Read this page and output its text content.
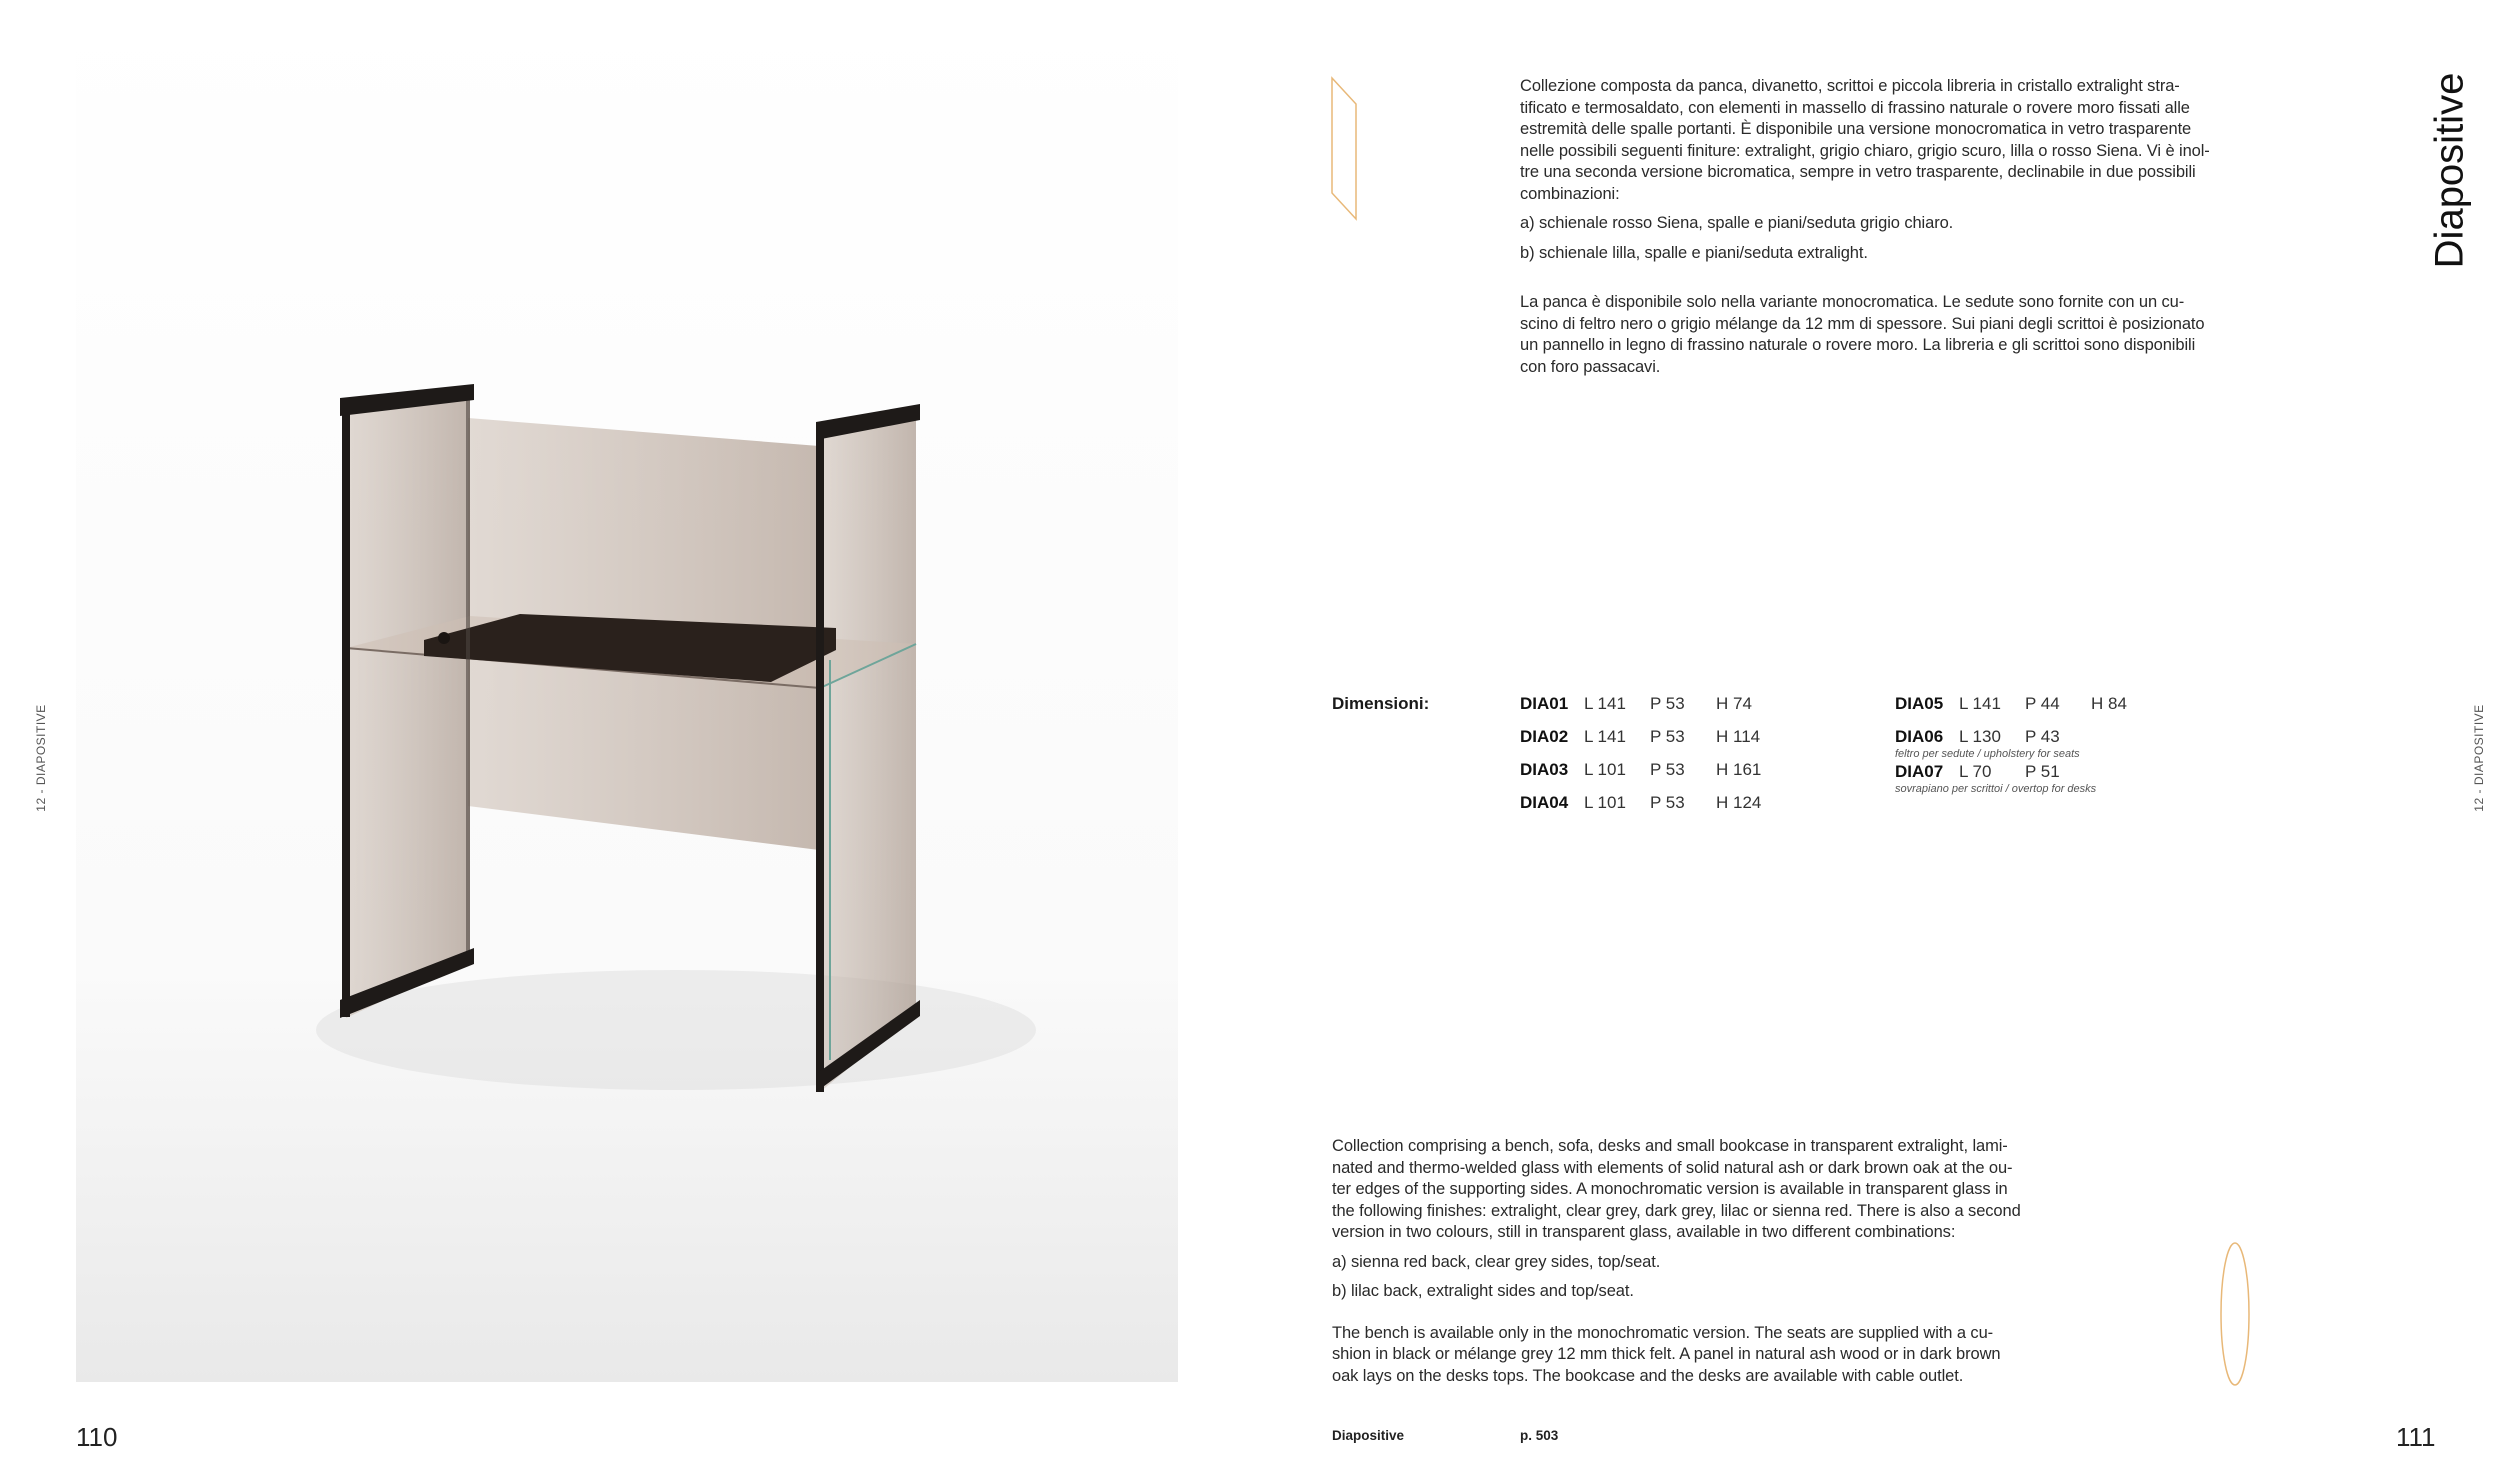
12 - DIAPOSITIVE
110

Collezione composta da panca, divanetto, scrittoi e piccola libreria in cristallo extralight stra-

tificato e termosaldato, con elementi in massello di frassino naturale o rovere moro fissati alle

estremità delle spalle portanti. È disponibile una versione monocromatica in vetro trasparente

nelle possibili seguenti finiture: extralight, grigio chiaro, grigio scuro, lilla o rosso Siena. Vi è inol-

tre una seconda versione bicromatica, sempre in vetro trasparente, declinabile in due possibili

combinazioni:

a) schienale rosso Siena, spalle e piani/seduta grigio chiaro.

b) schienale lilla, spalle e piani/seduta extralight.

La panca è disponibile solo nella variante monocromatica. Le sedute sono fornite con un cu-

scino di feltro nero o grigio mélange da 12 mm di spessore. Sui piani degli scrittoi è posizionato

un pannello in legno di frassino naturale o rovere moro. La libreria e gli scrittoi sono disponibili

con foro passacavi.

Diapositive
12 - DIAPOSITIVE
Dimensioni:	DIA01 L 141 P 53 H 74
DIA02 L 141 P 53 H 114
DIA03 L 101 P 53 H 161
DIA04 L 101 P 53 H 124
DIA05 L 141 P 44 H 84
DIA06 L 130 P 43
feltro per sedute / upholstery for seats
DIA07 L 70 P 51
sovrapiano per scrittoi / overtop for desks

Collection comprising a bench, sofa, desks and small bookcase in transparent extralight, lami-

nated and thermo-welded glass with elements of solid natural ash or dark brown oak at the ou-

ter edges of the supporting sides. A monochromatic version is available in transparent glass in

the following finishes: extralight, clear grey, dark grey, lilac or sienna red. There is also a second

version in two colours, still in transparent glass, available in two different combinations:

a) sienna red back, clear grey sides, top/seat.

b) lilac back, extralight sides and top/seat.

The bench is available only in the monochromatic version. The seats are supplied with a cu-

shion in black or mélange grey 12 mm thick felt. A panel in natural ash wood or in dark brown

oak lays on the desks tops. The bookcase and the desks are available with cable outlet.

Diapositive	p. 503	111
